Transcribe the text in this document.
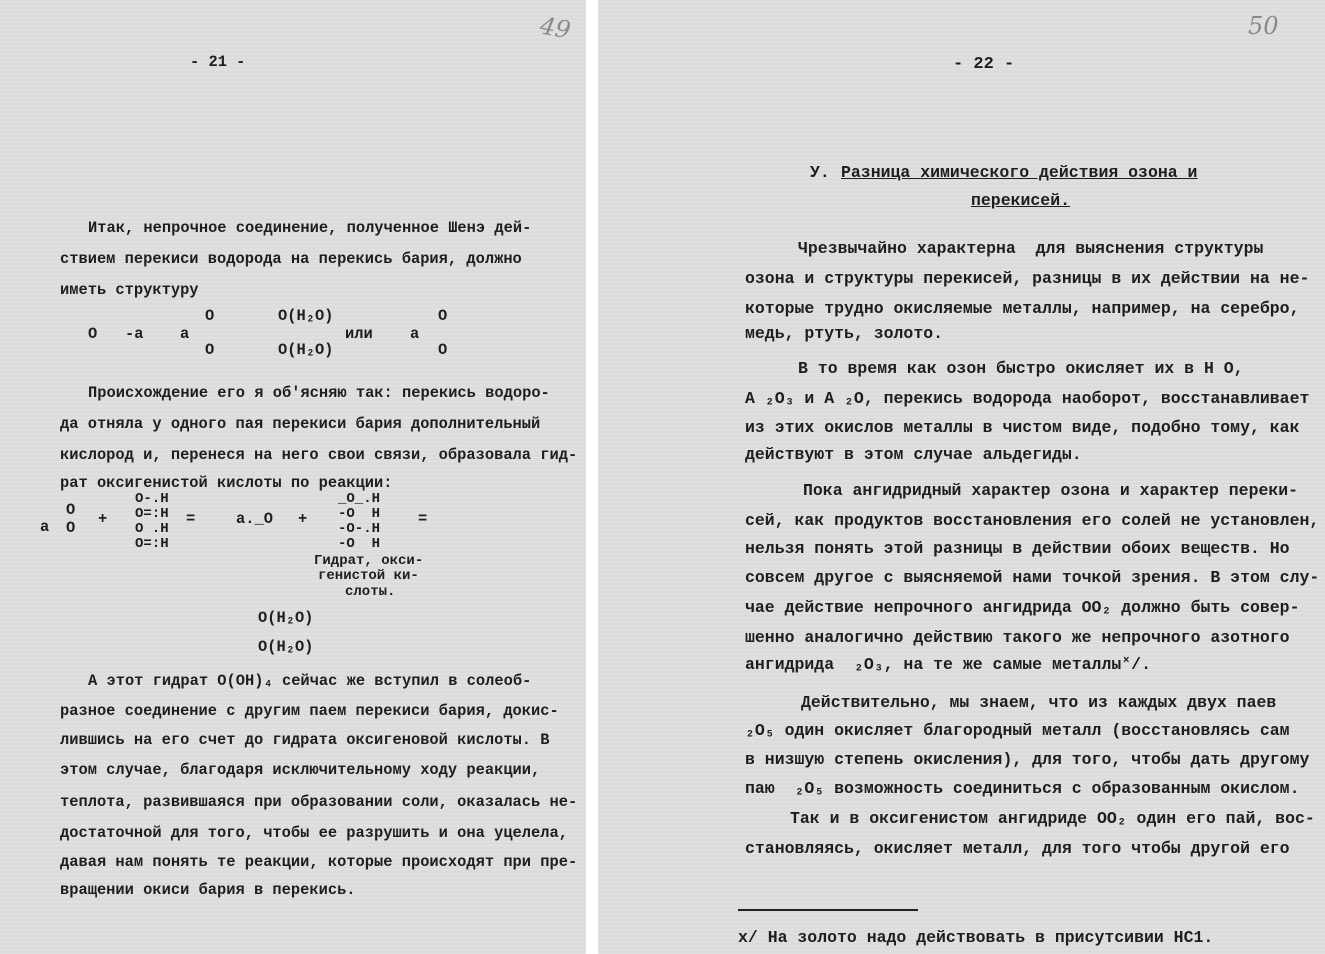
49
- 21 -
Итак, непрочное соединение, полученное Шенэ дей-
ствием перекиси водорода на перекись бария, должно
иметь структуру
О -а а
О
О
О(Н₂О)
О(Н₂О)
или а
О
О
Происхождение его я об'ясняю так: перекись водоро-
да отняла у одного пая перекиси бария дополнительный
кислород и, перенеся на него свои связи, образовала гид-
рат оксигенистой кислоты по реакции:
а
О
О +
О-.Н
О=:Н
О .Н
О=:Н
=	а._О +
_О_.Н
-О  Н
-О-.Н
-О  Н
=
Гидрат, окси-
генистой ки-
слоты.
О(Н₂О)
О(Н₂О)
А этот гидрат О(ОН)₄ сейчас же вступил в солеоб-
разное соединение с другим паем перекиси бария, докис-
лившись на его счет до гидрата оксигеновой кислоты. В
этом случае, благодаря исключительному ходу реакции,
теплота, развившаяся при образовании соли, оказалась не-
достаточной для того, чтобы ее разрушить и она уцелела,
давая нам понять те реакции, которые происходят при пре-
вращении окиси бария в перекись.
50
- 22 -
У. Разница химического действия озона и
перекисей.
Чрезвычайно характерна  для выяснения структуры
озона и структуры перекисей, разницы в их действии на не-
которые трудно окисляемые металлы, например, на серебро,
медь, ртуть, золото.
В то время как озон быстро окисляет их в Н О,
А ₂О₃ и А ₂О, перекись водорода наоборот, восстанавливает
из этих окислов металлы в чистом виде, подобно тому, как
действуют в этом случае альдегиды.
Пока ангидридный характер озона и характер переки-
сей, как продуктов восстановления его солей не установлен,
нельзя понять этой разницы в действии обоих веществ. Но
совсем другое с выясняемой нами точкой зрения. В этом слу-
чае действие непрочного ангидрида ОО₂ должно быть совер-
шенно аналогично действию такого же непрочного азотного
ангидрида  ₂О₃, на те же самые металлы˟/.
Действительно, мы знаем, что из каждых двух паев
₂О₅ один окисляет благородный металл (восстановлясь сам
в низшую степень окисления), для того, чтобы дать другому
паю  ₂О₅ возможность соединиться с образованным окислом.
Так и в оксигенистом ангидриде ОО₂ один его пай, вос-
становляясь, окисляет металл, для того чтобы другой его
x/ На золото надо действовать в присутсивии НС1.
